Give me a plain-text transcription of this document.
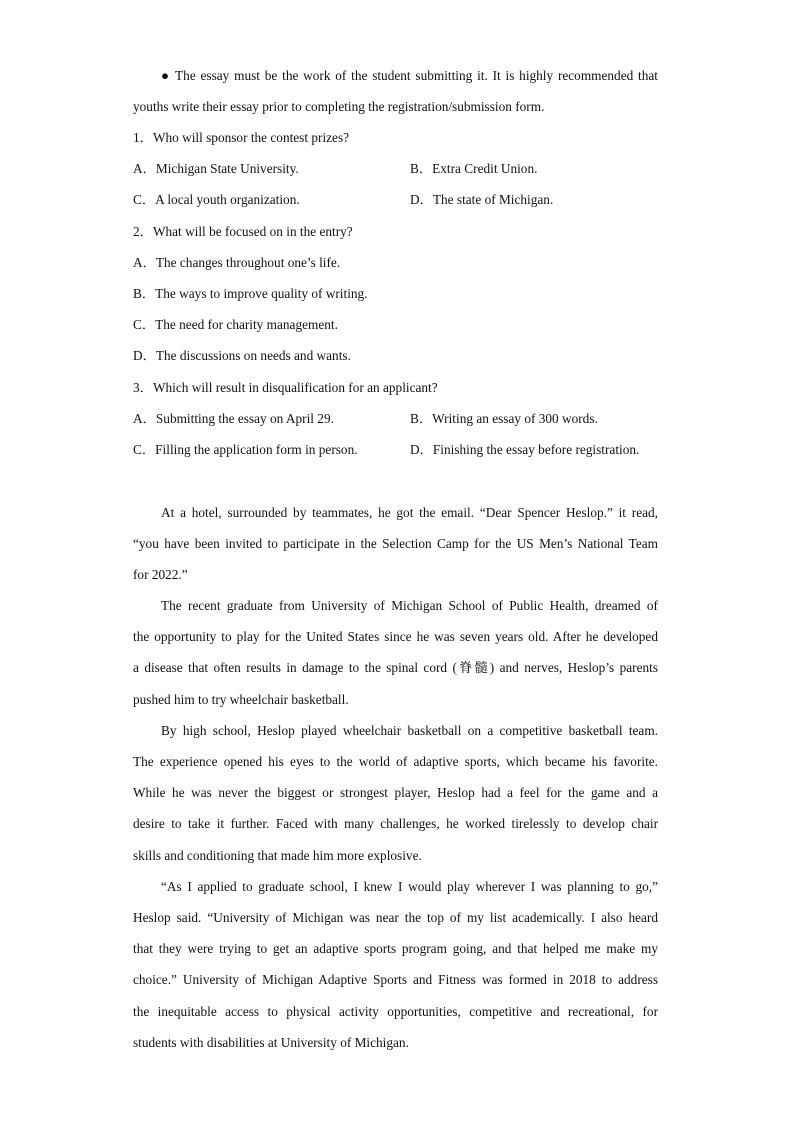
● The essay must be the work of the student submitting it. It is highly recommended that
youths write their essay prior to completing the registration/submission form.
1．Who will sponsor the contest prizes?
A．Michigan State University.	B．Extra Credit Union.
C．A local youth organization.	D．The state of Michigan.
2．What will be focused on in the entry?
A．The changes throughout one’s life.
B．The ways to improve quality of writing.
C．The need for charity management.
D．The discussions on needs and wants.
3．Which will result in disqualification for an applicant?
A．Submitting the essay on April 29.	B．Writing an essay of 300 words.
C．Filling the application form in person.	D．Finishing the essay before registration.
At a hotel, surrounded by teammates, he got the email. “Dear Spencer Heslop.” it read,
“you have been invited to participate in the Selection Camp for the US Men’s National Team
for 2022.”
The recent graduate from University of Michigan School of Public Health, dreamed of
the opportunity to play for the United States since he was seven years old. After he developed
a disease that often results in damage to the spinal cord (脊髓) and nerves, Heslop’s parents
pushed him to try wheelchair basketball.
By high school, Heslop played wheelchair basketball on a competitive basketball team.
The experience opened his eyes to the world of adaptive sports, which became his favorite.
While he was never the biggest or strongest player, Heslop had a feel for the game and a
desire to take it further. Faced with many challenges, he worked tirelessly to develop chair
skills and conditioning that made him more explosive.
“As I applied to graduate school, I knew I would play wherever I was planning to go,”
Heslop said. “University of Michigan was near the top of my list academically. I also heard
that they were trying to get an adaptive sports program going, and that helped me make my
choice.” University of Michigan Adaptive Sports and Fitness was formed in 2018 to address
the inequitable access to physical activity opportunities, competitive and recreational, for
students with disabilities at University of Michigan.
